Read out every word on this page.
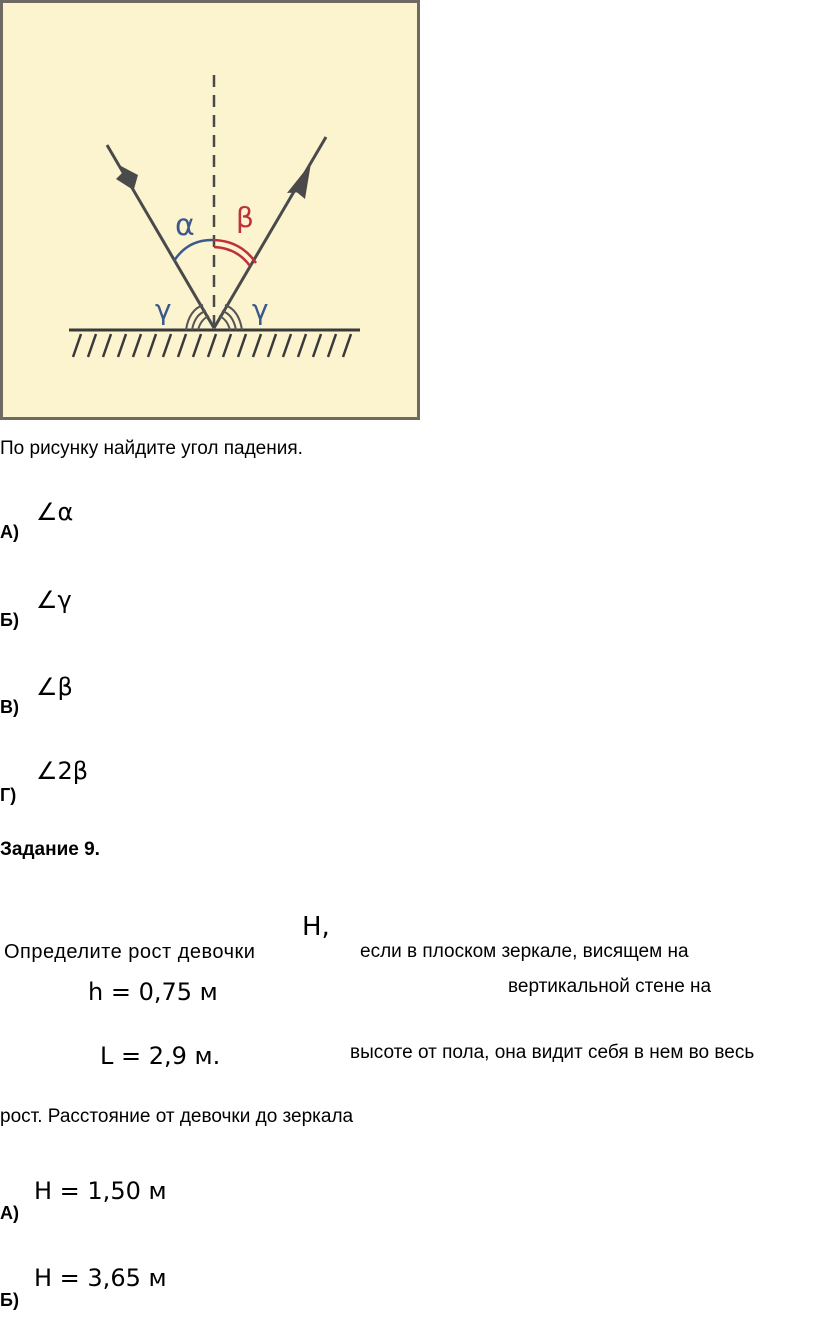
α β
γ	γ
По рисунку найдите угол падения.
А)
∠α
Б)
∠γ
В)
∠β
Г)
∠2β
Задание 9.
Определите рост девочки
H,
если в плоском зеркале, висящем на
h = 0,75 м	вертикальной стене на
L = 2,9 м.	высоте от пола, она видит себя в нем во весь
рост. Расстояние от девочки до зеркала
А)
H = 1,50 м
Б)
H = 3,65 м
